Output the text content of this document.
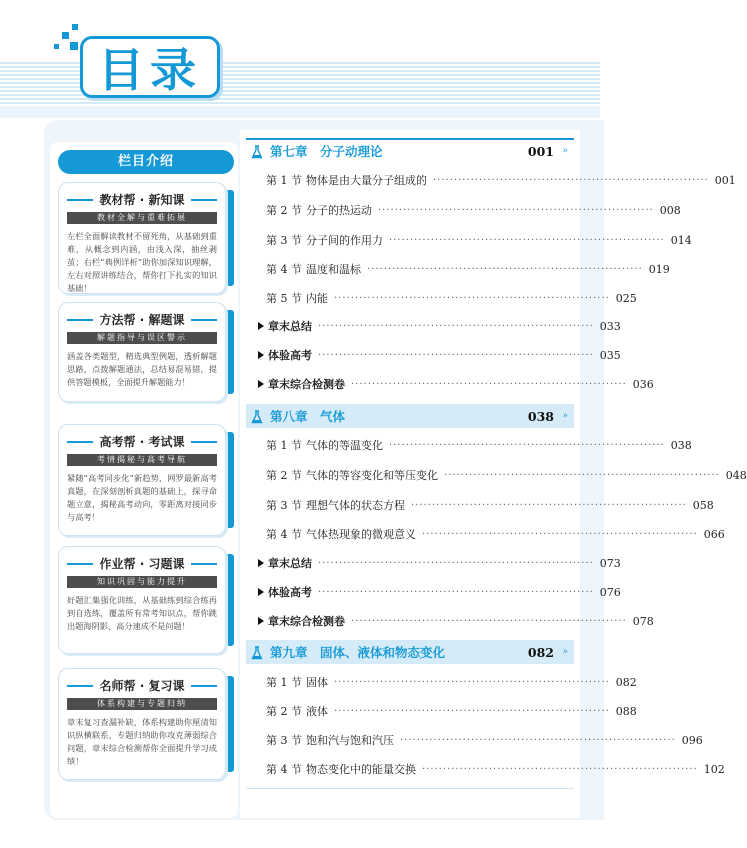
目录
栏目介绍
教材帮 · 新知课
教材全解与重难拓展
左栏全面解读教材不留死角，从基础到重难，从概念到内涵，由浅入深，抽丝剥茧；右栏“典例详析”助你加深知识理解，左右对照讲练结合，帮你打下扎实的知识基础！
方法帮 · 解题课
解题指导与误区警示
涵盖各类题型，精选典型例题，透析解题思路，点拨解题通法，总结易混易错，提供答题模板，全面提升解题能力！
高考帮 · 考试课
考情揭秘与高考导航
紧随“高考同步化”新趋势，网罗最新高考真题，在深刻剖析真题的基础上，探寻命题立意，揭秘高考动向，零距离对接同步与高考！
作业帮 · 习题课
知识巩固与能力提升
好题汇集强化训练，从基础练到综合练再到自选练，覆盖所有常考知识点，帮你跳出题海阴影，高分速成不是问题！
名师帮 · 复习课
体系构建与专题归纳
章末复习查漏补缺，体系构建助你厘清知识纵横联系，专题归纳助你攻克薄弱综合问题，章末综合检测帮你全面提升学习成绩！
第七章　分子动理论	001 »
第 1 节 物体是由大量分子组成的 ·································································· 001
第 2 节 分子的热运动 ·································································· 008
第 3 节 分子间的作用力 ·································································· 014
第 4 节 温度和温标 ·································································· 019
第 5 节 内能 ·································································· 025
章末总结 ·································································· 033
体验高考 ·································································· 035
章末综合检测卷 ·································································· 036
第八章　气体	038 »
第 1 节 气体的等温变化 ·································································· 038
第 2 节 气体的等容变化和等压变化 ·································································· 048
第 3 节 理想气体的状态方程 ·································································· 058
第 4 节 气体热现象的微观意义 ·································································· 066
章末总结 ·································································· 073
体验高考 ·································································· 076
章末综合检测卷 ·································································· 078
第九章　固体、液体和物态变化	082 »
第 1 节 固体 ·································································· 082
第 2 节 液体 ·································································· 088
第 3 节 饱和汽与饱和汽压 ·································································· 096
第 4 节 物态变化中的能量交换 ·································································· 102
